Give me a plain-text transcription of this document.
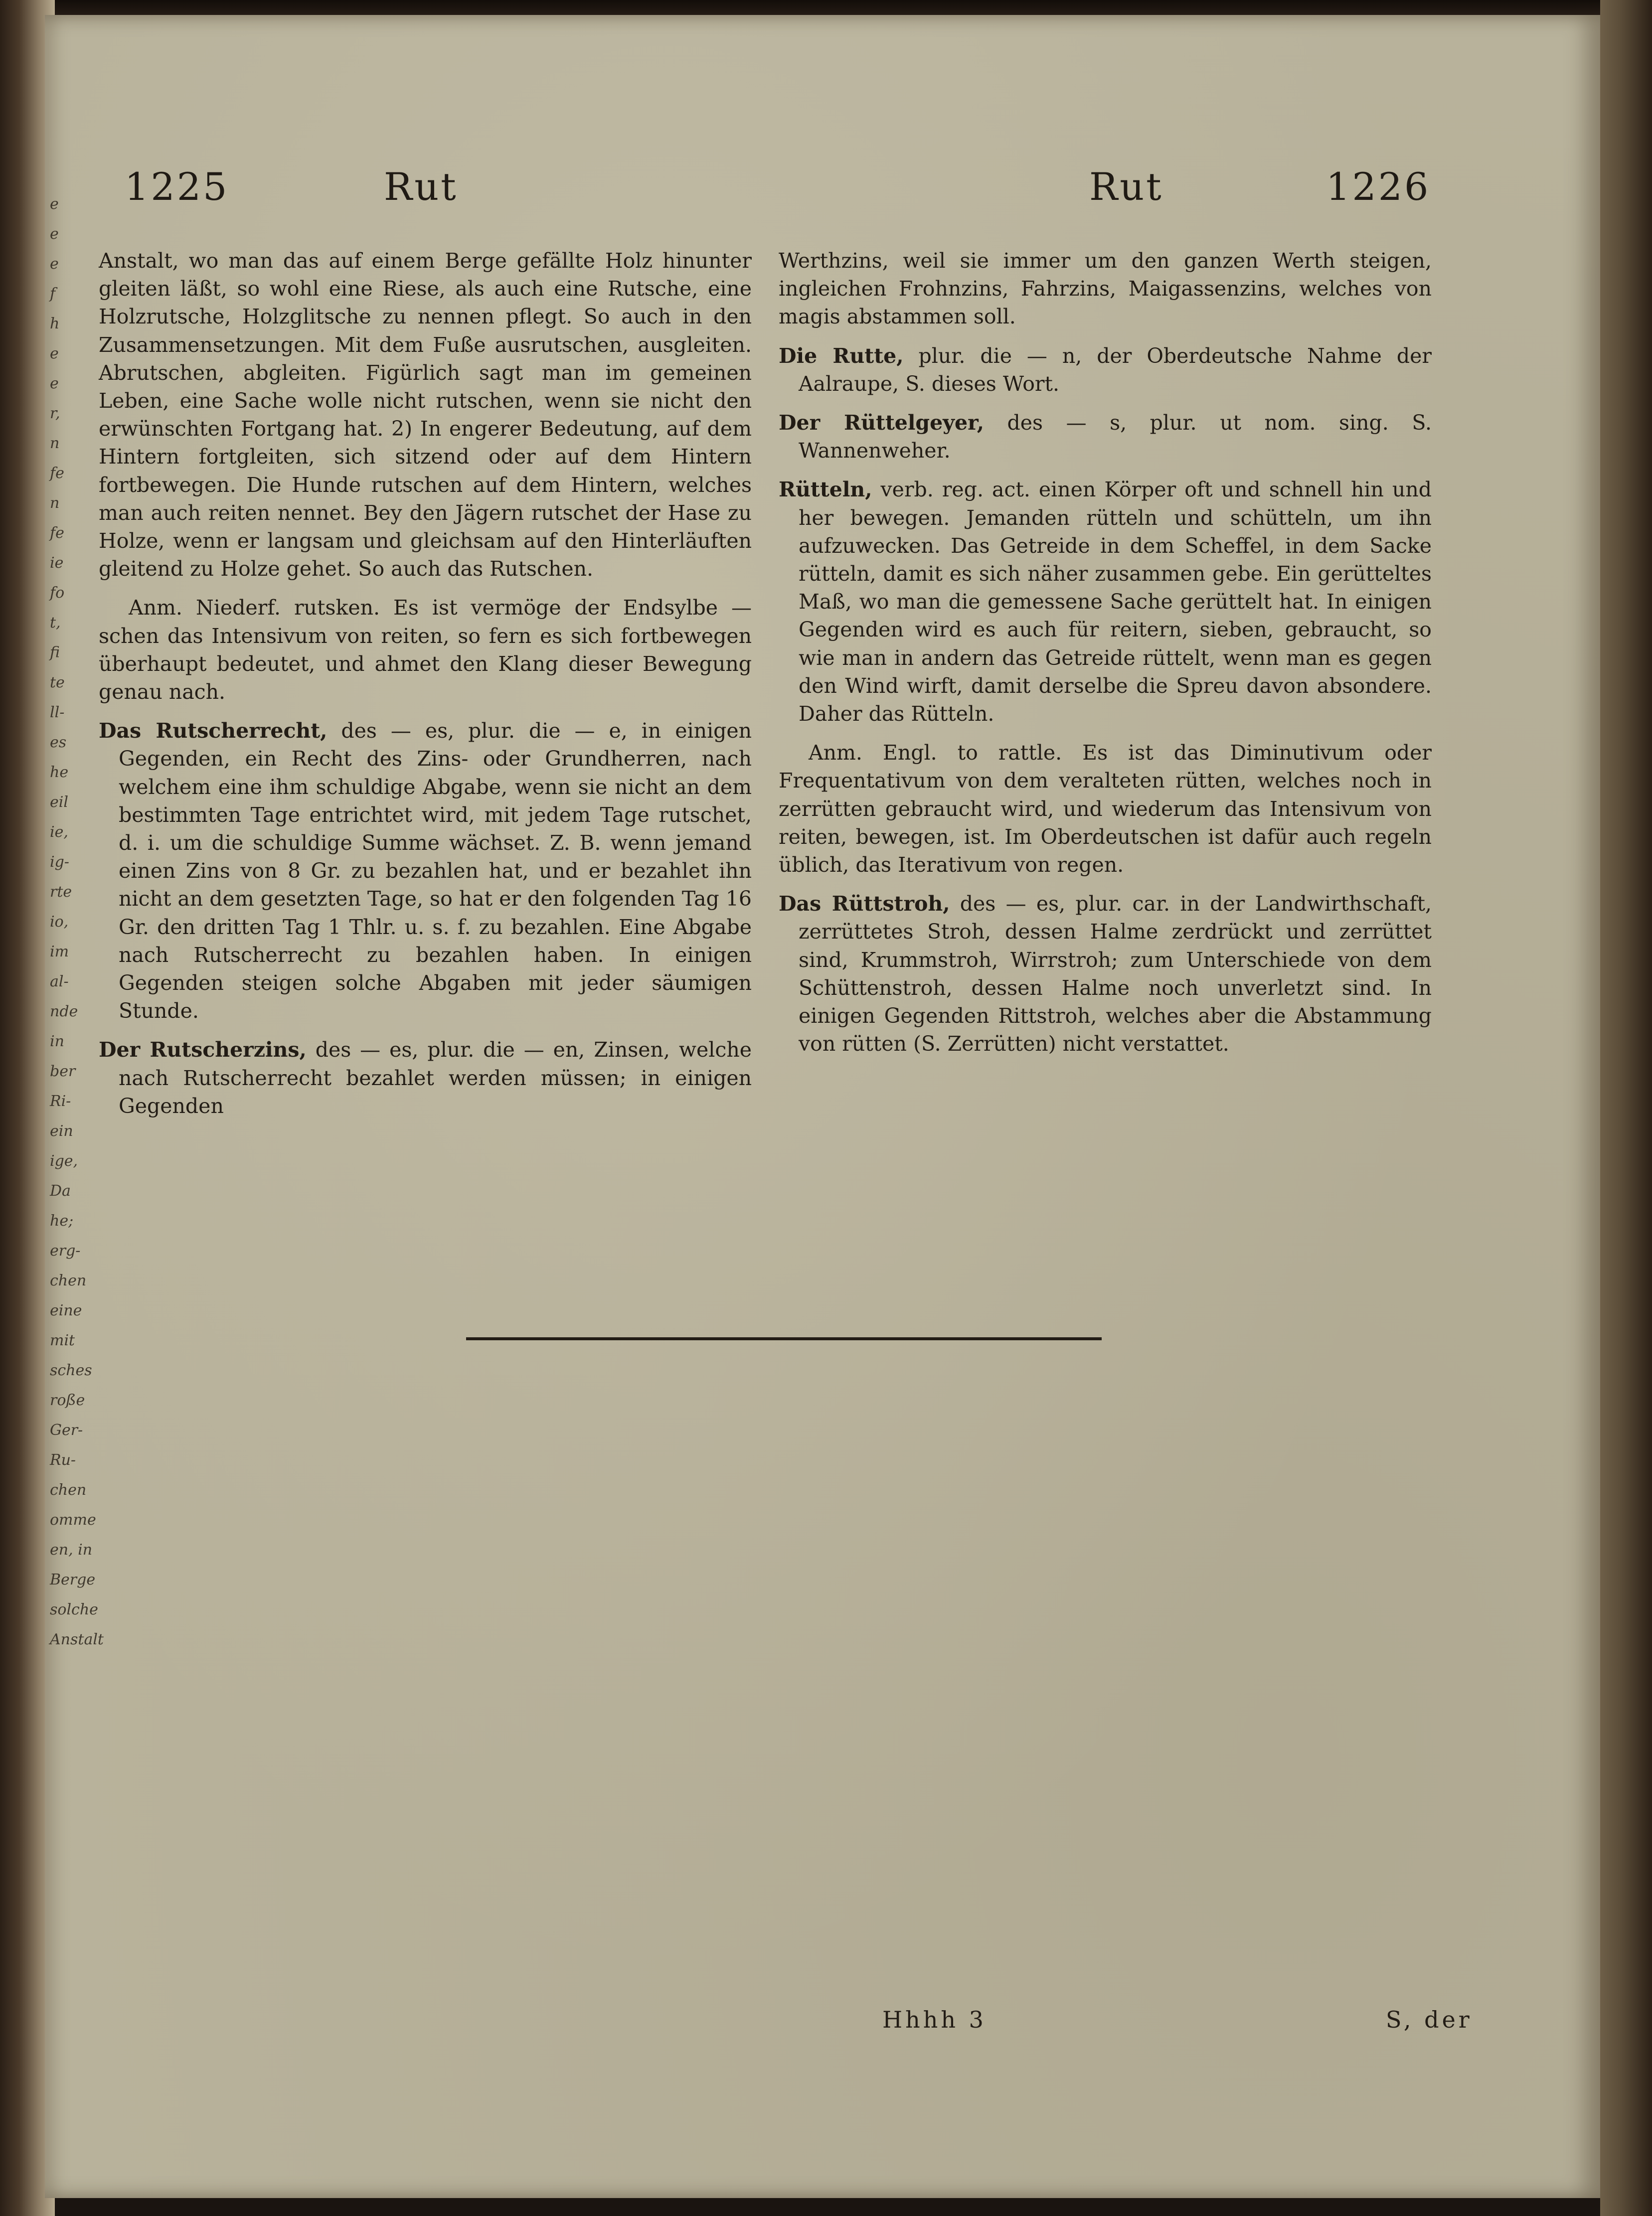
e
e
e
f
h
e
e
r,
n
fe
n
fe
ie
fo
t,
fi
te
ll-
es
he
eil
ie,
ig-
rte
io,
im
al-
nde
in
ber
Ri-
ein
ige,
Da
he;
erg-
chen
eine
mit
sches
roße
Ger-
Ru-
chen
omme
en, in
Berge
solche
Anstalt
1225	Rut	Rut	1226

Anstalt, wo man das auf einem Berge gefällte Holz hinunter gleiten läßt, so wohl eine Riese, als auch eine Rutsche, eine Holzrutsche, Holzglitsche zu nennen pflegt. So auch in den Zusammensetzungen. Mit dem Fuße ausrutschen, ausgleiten. Abrutschen, abgleiten. Figürlich sagt man im gemeinen Leben, eine Sache wolle nicht rutschen, wenn sie nicht den erwünschten Fortgang hat. 2) In engerer Bedeutung, auf dem Hintern fortgleiten, sich sitzend oder auf dem Hintern fortbewegen. Die Hunde rutschen auf dem Hintern, welches man auch reiten nennet. Bey den Jägern rutschet der Hase zu Holze, wenn er langsam und gleichsam auf den Hinterläuften gleitend zu Holze gehet. So auch das Rutschen.

Anm. Niederf. rutsken. Es ist vermöge der Endsylbe —schen das Intensivum von reiten, so fern es sich fortbewegen überhaupt bedeutet, und ahmet den Klang dieser Bewegung genau nach.

Das Rutscherrecht, des — es, plur. die — e, in einigen Gegenden, ein Recht des Zins- oder Grundherren, nach welchem eine ihm schuldige Abgabe, wenn sie nicht an dem bestimmten Tage entrichtet wird, mit jedem Tage rutschet, d. i. um die schuldige Summe wächset. Z. B. wenn jemand einen Zins von 8 Gr. zu bezahlen hat, und er bezahlet ihn nicht an dem gesetzten Tage, so hat er den folgenden Tag 16 Gr. den dritten Tag 1 Thlr. u. s. f. zu bezahlen. Eine Abgabe nach Rutscherrecht zu bezahlen haben. In einigen Gegenden steigen solche Abgaben mit jeder säumigen Stunde.

Der Rutscherzins, des — es, plur. die — en, Zinsen, welche nach Rutscherrecht bezahlet werden müssen; in einigen Gegenden

Werthzins, weil sie immer um den ganzen Werth steigen, ingleichen Frohnzins, Fahrzins, Maigassenzins, welches von magis abstammen soll.

Die Rutte, plur. die — n, der Oberdeutsche Nahme der Aalraupe, S. dieses Wort.

Der Rüttelgeyer, des — s, plur. ut nom. sing. S. Wannenweher.

Rütteln, verb. reg. act. einen Körper oft und schnell hin und her bewegen. Jemanden rütteln und schütteln, um ihn aufzuwecken. Das Getreide in dem Scheffel, in dem Sacke rütteln, damit es sich näher zusammen gebe. Ein gerütteltes Maß, wo man die gemessene Sache gerüttelt hat. In einigen Gegenden wird es auch für reitern, sieben, gebraucht, so wie man in andern das Getreide rüttelt, wenn man es gegen den Wind wirft, damit derselbe die Spreu davon absondere. Daher das Rütteln.

Anm. Engl. to rattle. Es ist das Diminutivum oder Frequentativum von dem veralteten rütten, welches noch in zerrütten gebraucht wird, und wiederum das Intensivum von reiten, bewegen, ist. Im Oberdeutschen ist dafür auch regeln üblich, das Iterativum von regen.

Das Rüttstroh, des — es, plur. car. in der Landwirthschaft, zerrüttetes Stroh, dessen Halme zerdrückt und zerrüttet sind, Krummstroh, Wirrstroh; zum Unterschiede von dem Schüttenstroh, dessen Halme noch unverletzt sind. In einigen Gegenden Rittstroh, welches aber die Abstammung von rütten (S. Zerrütten) nicht verstattet.

Hhhh 3	S, der
